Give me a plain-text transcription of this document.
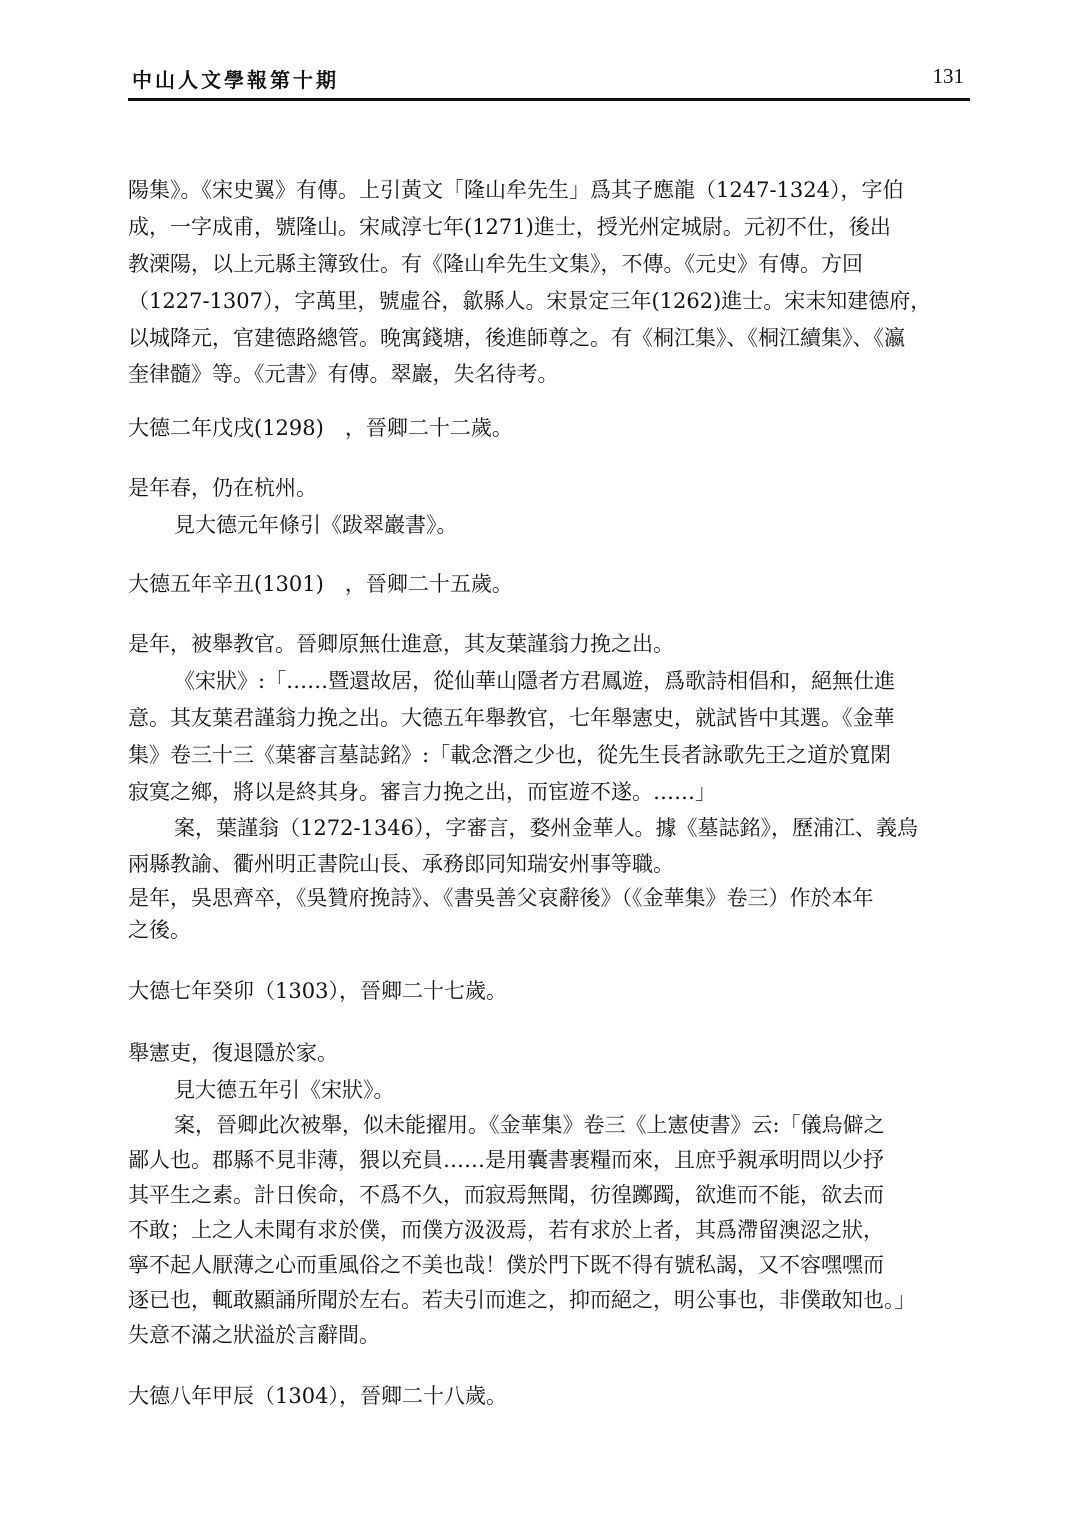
中山人文學報第十期	131
陽集》。《宋史翼》有傳。上引黃文「隆山牟先生」爲其子應龍（1247-1324），字伯
成，一字成甫，號隆山。宋咸淳七年(1271)進士，授光州定城尉。元初不仕，後出
教溧陽，以上元縣主簿致仕。有《隆山牟先生文集》，不傳。《元史》有傳。方回
（1227-1307），字萬里，號虛谷，歙縣人。宋景定三年(1262)進士。宋末知建德府，
以城降元，官建德路總管。晚寓錢塘，後進師尊之。有《桐江集》、《桐江續集》、《瀛
奎律髓》等。《元書》有傳。翠巖，失名待考。
大德二年戊戌(1298)　，晉卿二十二歲。
是年春，仍在杭州。
見大德元年條引《跋翠巖書》。
大德五年辛丑(1301)　，晉卿二十五歲。
是年，被舉教官。晉卿原無仕進意，其友葉謹翁力挽之出。
《宋狀》:「……暨還故居，從仙華山隱者方君鳳遊，爲歌詩相倡和，絕無仕進
意。其友葉君謹翁力挽之出。大德五年舉教官，七年舉憲史，就試皆中其選。《金華
集》卷三十三《葉審言墓誌銘》:「載念潛之少也，從先生長者詠歌先王之道於寬閑
寂寞之鄉，將以是終其身。審言力挽之出，而宦遊不遂。……」
案，葉謹翁（1272-1346），字審言，婺州金華人。據《墓誌銘》，歷浦江、義烏
兩縣教諭、衢州明正書院山長、承務郎同知瑞安州事等職。
是年，吳思齊卒，《吳贊府挽詩》、《書吳善父哀辭後》（《金華集》卷三）作於本年
之後。
大德七年癸卯（1303），晉卿二十七歲。
舉憲吏，復退隱於家。
見大德五年引《宋狀》。
案，晉卿此次被舉，似未能擢用。《金華集》卷三《上憲使書》云:「儀烏僻之
鄙人也。郡縣不見非薄，猥以充員……是用囊書裹糧而來，且庶乎親承明問以少抒
其平生之素。計日俟命，不爲不久，而寂焉無聞，彷徨躑躅，欲進而不能，欲去而
不敢；上之人未聞有求於僕，而僕方汲汲焉，若有求於上者，其爲滯留澳涊之狀，
寧不起人厭薄之心而重風俗之不美也哉！僕於門下既不得有號私謁，又不容嘿嘿而
逐已也，輒敢顯誦所聞於左右。若夫引而進之，抑而絕之，明公事也，非僕敢知也。」
失意不滿之狀溢於言辭間。
大德八年甲辰（1304），晉卿二十八歲。
